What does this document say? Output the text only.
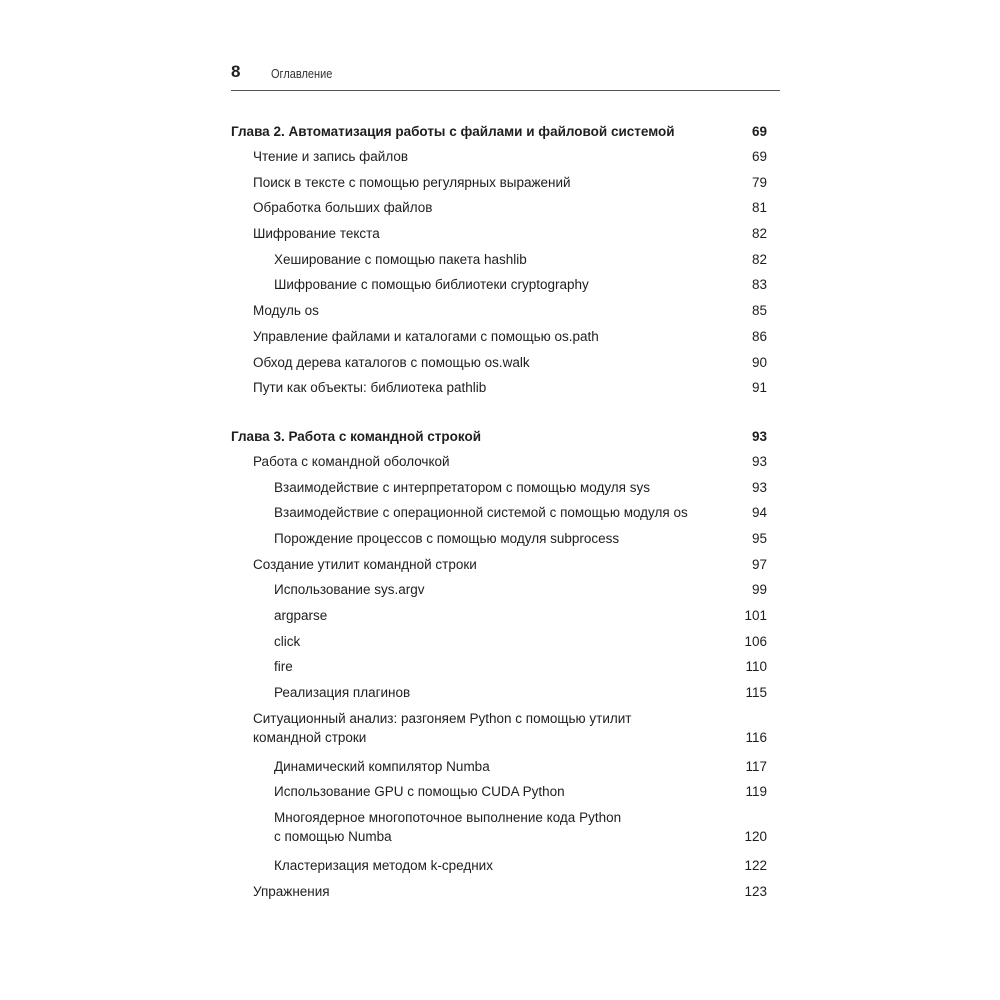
8 Оглавление
Глава 2. Автоматизация работы с файлами и файловой системой	69
Чтение и запись файлов	69
Поиск в тексте с помощью регулярных выражений	79
Обработка больших файлов	81
Шифрование текста	82
Хеширование с помощью пакета hashlib	82
Шифрование с помощью библиотеки cryptography	83
Модуль os	85
Управление файлами и каталогами с помощью os.path	86
Обход дерева каталогов с помощью os.walk	90
Пути как объекты: библиотека pathlib	91
Глава 3. Работа с командной строкой	93
Работа с командной оболочкой	93
Взаимодействие с интерпретатором с помощью модуля sys	93
Взаимодействие с операционной системой с помощью модуля os	94
Порождение процессов с помощью модуля subprocess	95
Создание утилит командной строки	97
Использование sys.argv	99
argparse	101
click	106
fire	110
Реализация плагинов	115
Ситуационный анализ: разгоняем Python с помощью утилит
командной строки	116
Динамический компилятор Numba	117
Использование GPU с помощью CUDA Python	119
Многоядерное многопоточное выполнение кода Python
с помощью Numba	120
Кластеризация методом k-средних	122
Упражнения	123
